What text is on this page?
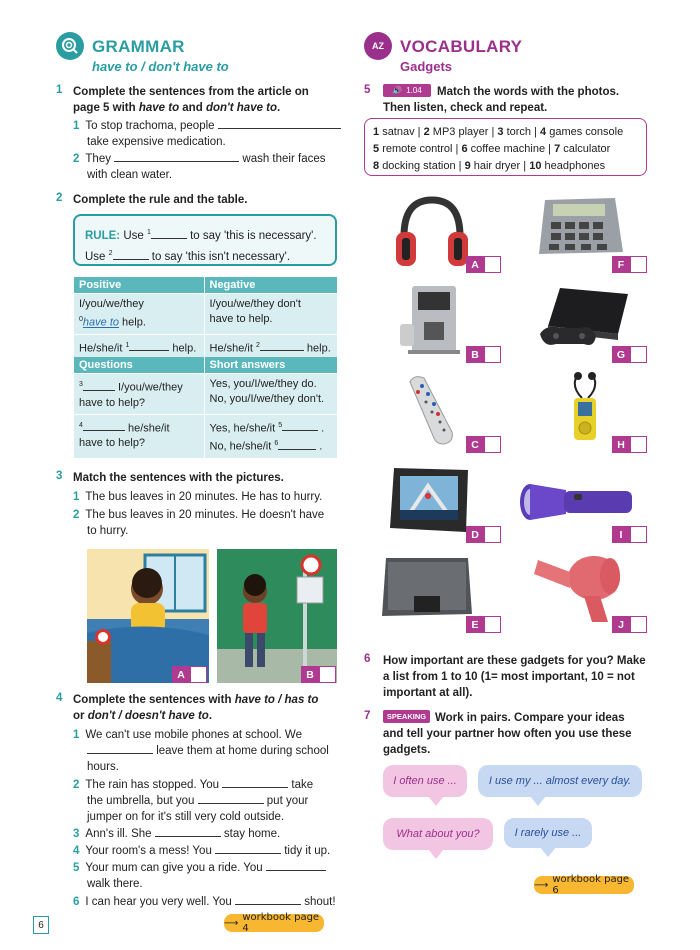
GRAMMAR
have to / don't have to
1 Complete the sentences from the article on
page 5 with have to and don't have to.
1 To stop trachoma, people
take expensive medication.
2 They	wash their faces
with clean water.
2 Complete the rule and the table.
RULE: Use $^1$	to say 'this is necessary'.
Use $^2$	to say 'this isn't necessary'.
Positive	Negative
I/you/we/they
$^0$have to help.	I/you/we/they don't
have to help.
He/she/it $^1$ help.	He/she/it $^2$ help.
Questions	Short answers
$^3$ I/you/we/they
have to help?	Yes, you/I/we/they do.
No, you/I/we/they don't.
$^4$ he/she/it
have to help?	Yes, he/she/it $^5$ .
No, he/she/it $^6$ .
3 Match the sentences with the pictures.
1 The bus leaves in 20 minutes. He has to hurry.
2 The bus leaves in 20 minutes. He doesn't have
to hurry.
A	B
4 Complete the sentences with have to / has to
or don't / doesn't have to.
1 We can't use mobile phones at school. We
leave them at home during school
hours.
2 The rain has stopped. You	take
the umbrella, but you	put your
jumper on for it's still very cold outside.
3 Ann's ill. She	stay home.
4 Your room's a mess! You	tidy it up.
5 Your mum can give you a ride. You
walk there.
6 I can hear you very well. You	shout!
⟶ workbook page 4
6
AZ VOCABULARY
Gadgets
5	🔊 1.04	Match the words with the photos.
Then listen, check and repeat.
1 satnav | 2 MP3 player | 3 torch | 4 games console
5 remote control | 6 coffee machine | 7 calculator
8 docking station | 9 hair dryer | 10 headphones
A
B
C
D
E
F
G
H
I
J
6 How important are these gadgets for you? Make
a list from 1 to 10 (1= most important, 10 = not
important at all).
7	SPEAKING Work in pairs. Compare your ideas
and tell your partner how often you use these
gadgets.
I often use ...	I use my ... almost every day.
What about you?	I rarely use ...
⟶ workbook page 6
